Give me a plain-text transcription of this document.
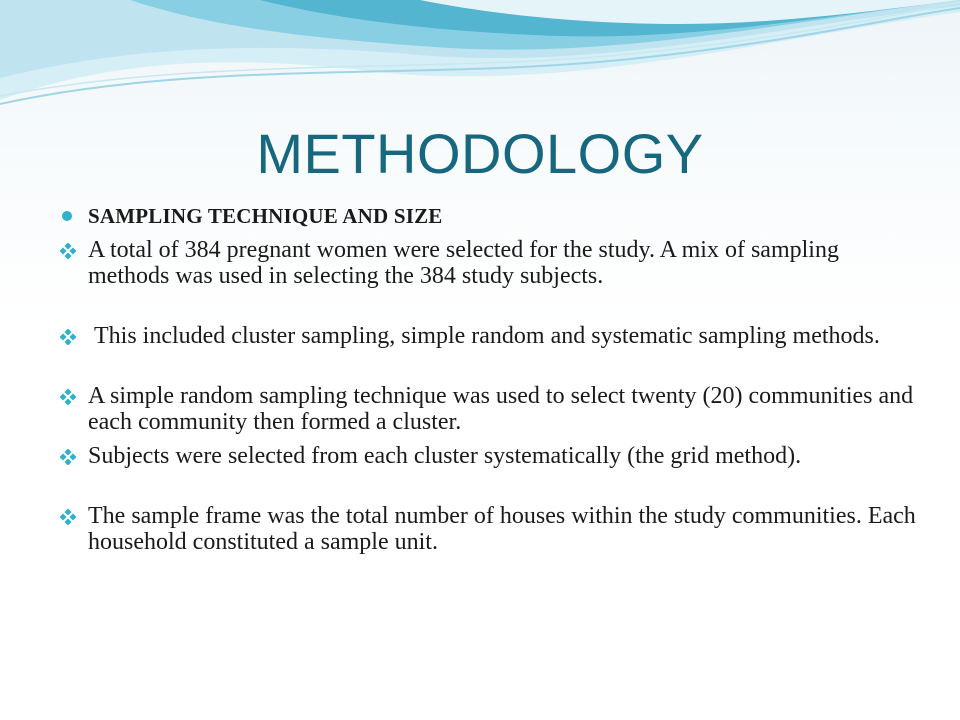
METHODOLOGY
SAMPLING TECHNIQUE AND SIZE
A total of 384 pregnant women were selected for the study. A mix of sampling methods was used in selecting the 384 study subjects.
This included cluster sampling, simple random and systematic sampling methods.
A simple random sampling technique was used to select twenty (20) communities and each community then formed a cluster.
Subjects were selected from each cluster systematically (the grid method).
The sample frame was the total number of houses within the study communities. Each household constituted a sample unit.
